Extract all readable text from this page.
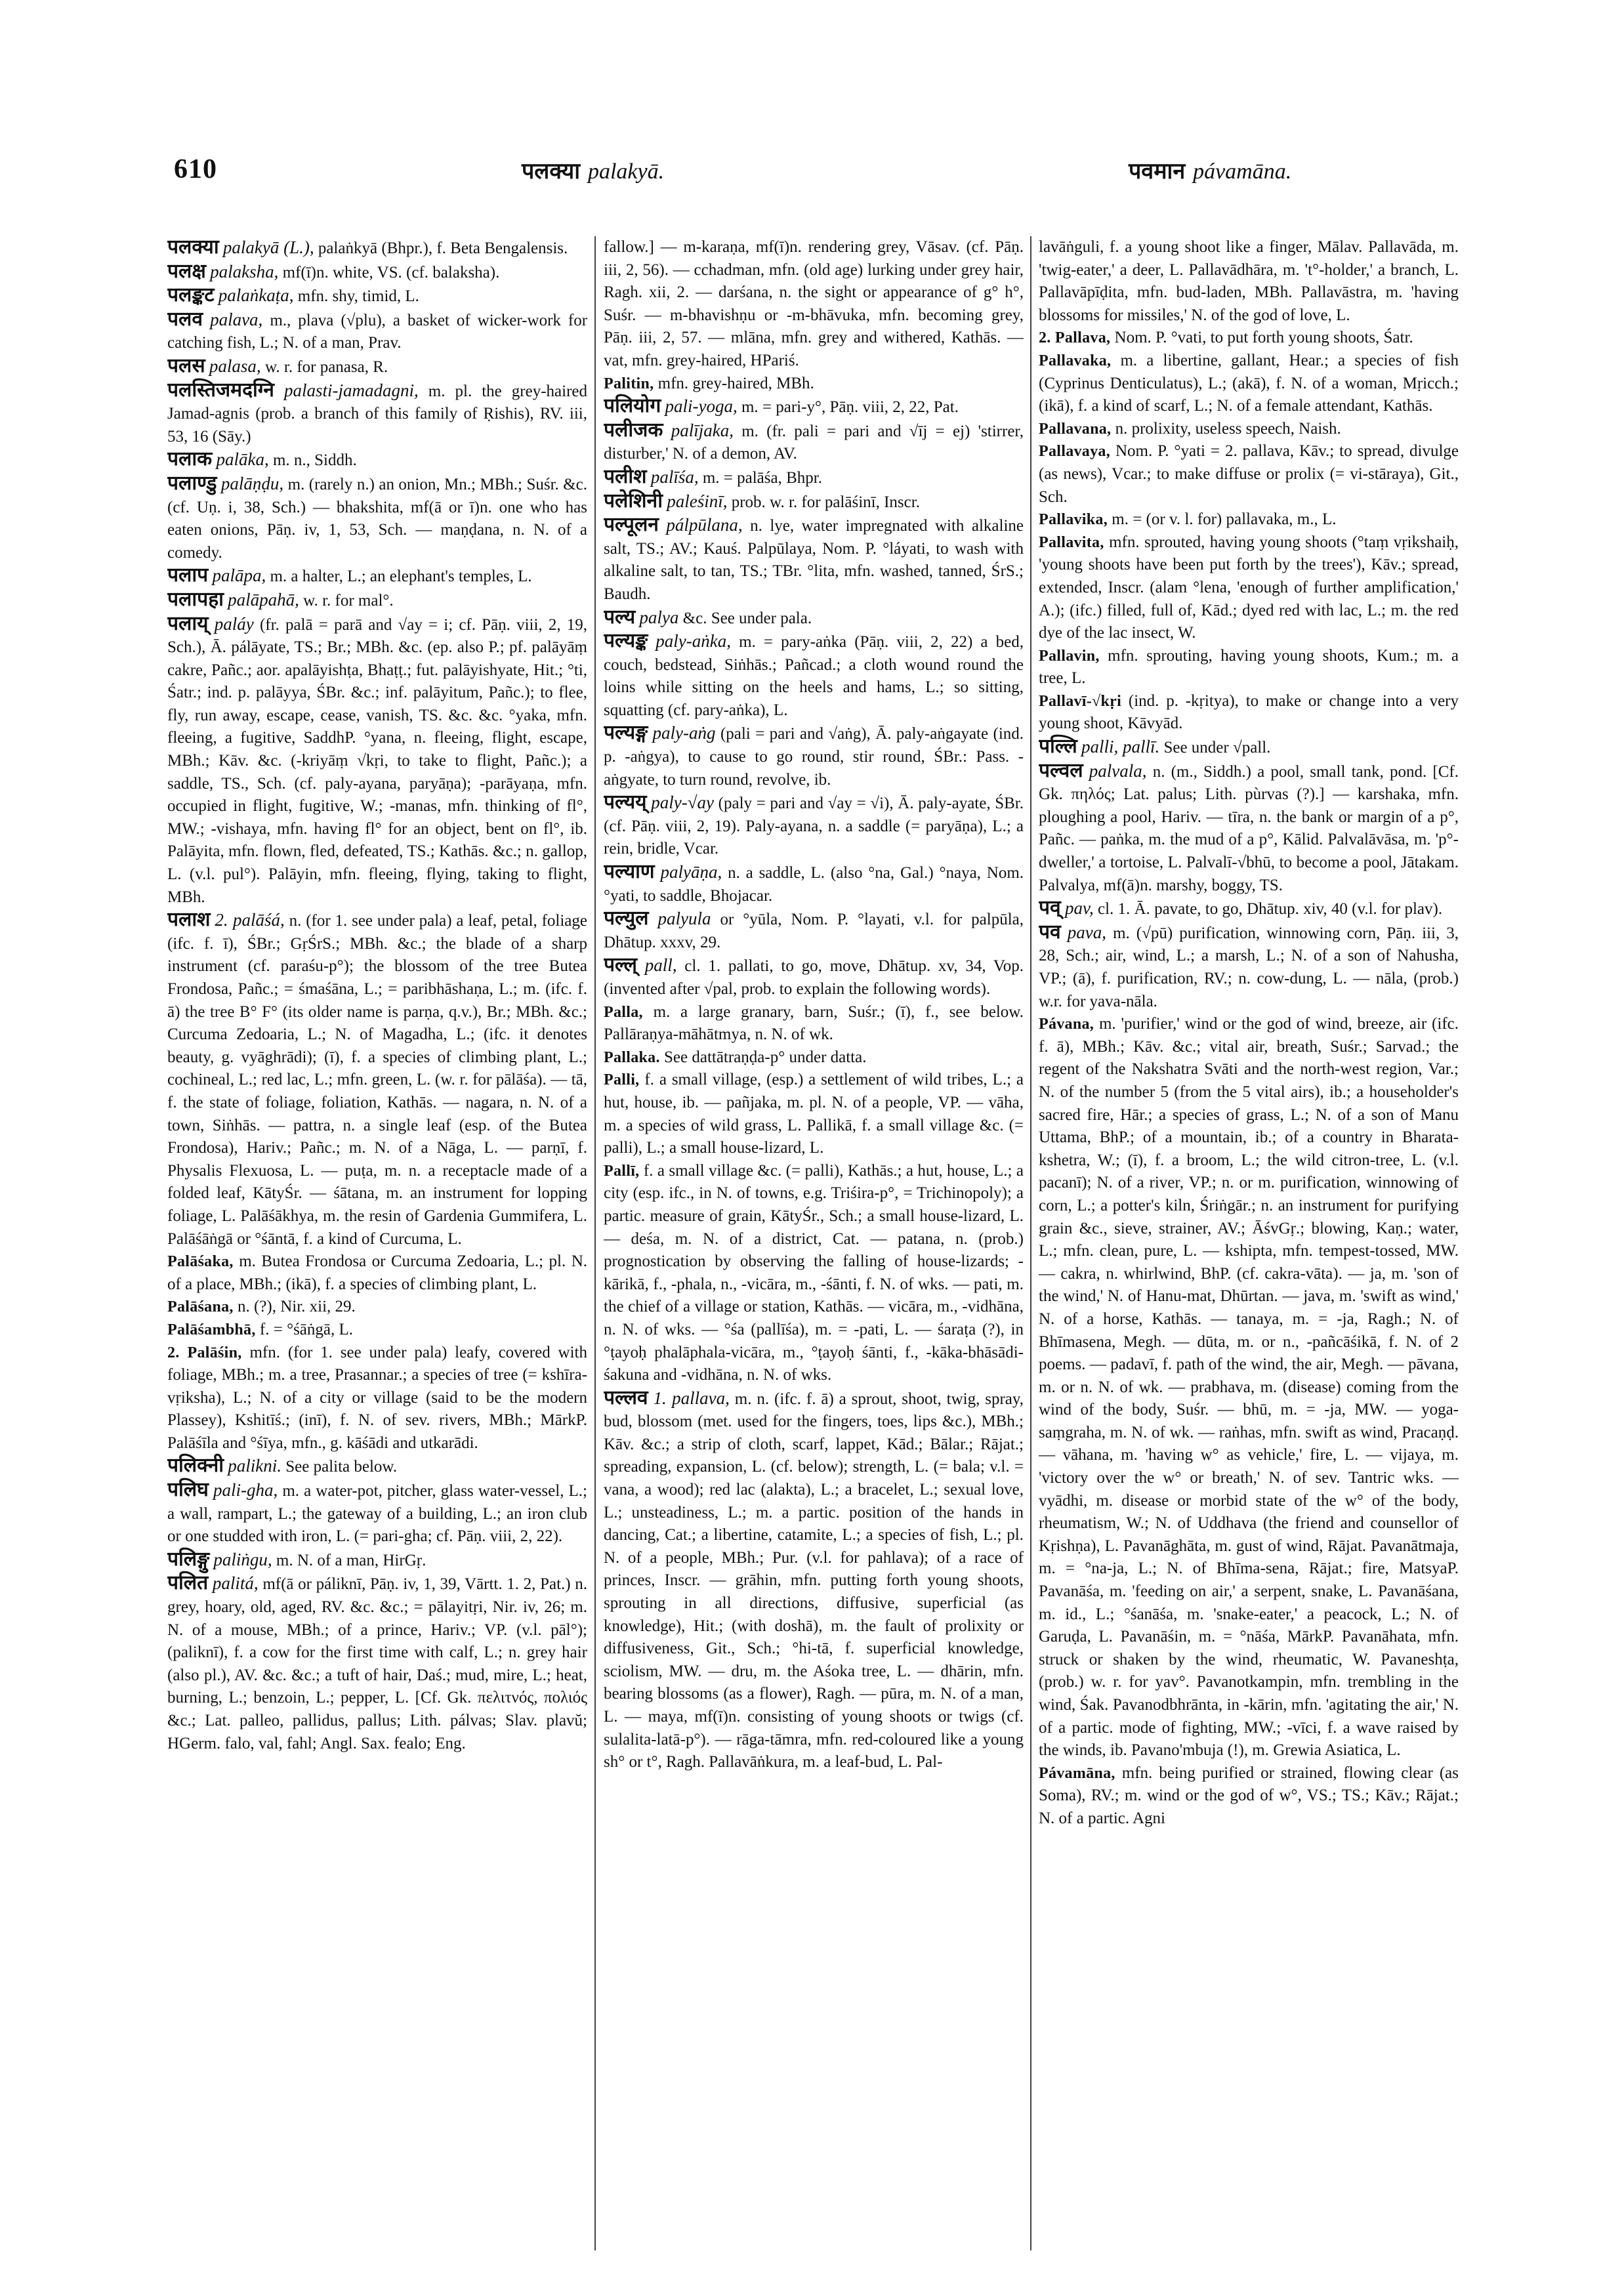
610	पलक्या palakyā.	पवमान pávamāna.

पलक्या palakyā (L.), palaṅkyā (Bhpr.), f. Beta Bengalensis.

पलक्ष palaksha, mf(ī)n. white, VS. (cf. balaksha).

पलङ्कट palaṅkaṭa, mfn. shy, timid, L.

पलव palava, m., plava (√plu), a basket of wicker-work for catching fish, L.; N. of a man, Prav.

पलस palasa, w. r. for panasa, R.

पलस्तिजमदग्नि palasti-jamadagni, m. pl. the grey-haired Jamad-agnis (prob. a branch of this family of Ṛishis), RV. iii, 53, 16 (Sāy.)

पलाक palāka, m. n., Siddh.

पलाण्डु palāṇḍu, m. (rarely n.) an onion, Mn.; MBh.; Suśr. &c. (cf. Uṇ. i, 38, Sch.) — bhakshita, mf(ā or ī)n. one who has eaten onions, Pāṇ. iv, 1, 53, Sch. — maṇḍana, n. N. of a comedy.

पलाप palāpa, m. a halter, L.; an elephant's temples, L.

पलापहा palāpahā, w. r. for mal°.

पलाय् paláy (fr. palā = parā and √ay = i; cf. Pāṇ. viii, 2, 19, Sch.), Ā. pálāyate, TS.; Br.; MBh. &c. (ep. also P.; pf. palāyāṃ cakre, Pañc.; aor. apalāyishṭa, Bhaṭṭ.; fut. palāyishyate, Hit.; °ti, Śatr.; ind. p. palāyya, ŚBr. &c.; inf. palāyitum, Pañc.); to flee, fly, run away, escape, cease, vanish, TS. &c. &c. °yaka, mfn. fleeing, a fugitive, SaddhP. °yana, n. fleeing, flight, escape, MBh.; Kāv. &c. (-kriyāṃ √kṛi, to take to flight, Pañc.); a saddle, TS., Sch. (cf. paly-ayana, paryāṇa); -parāyaṇa, mfn. occupied in flight, fugitive, W.; -manas, mfn. thinking of fl°, MW.; -vishaya, mfn. having fl° for an object, bent on fl°, ib. Palāyita, mfn. flown, fled, defeated, TS.; Kathās. &c.; n. gallop, L. (v.l. pul°). Palāyin, mfn. fleeing, flying, taking to flight, MBh.

पलाश 2. palāśá, n. (for 1. see under pala) a leaf, petal, foliage (ifc. f. ī), ŚBr.; GṛŚrS.; MBh. &c.; the blade of a sharp instrument (cf. paraśu-p°); the blossom of the tree Butea Frondosa, Pañc.; = śmaśāna, L.; = paribhāshaṇa, L.; m. (ifc. f. ā) the tree B° F° (its older name is parṇa, q.v.), Br.; MBh. &c.; Curcuma Zedoaria, L.; N. of Magadha, L.; (ifc. it denotes beauty, g. vyāghrādi); (ī), f. a species of climbing plant, L.; cochineal, L.; red lac, L.; mfn. green, L. (w. r. for pālāśa). — tā, f. the state of foliage, foliation, Kathās. — nagara, n. N. of a town, Siṅhās. — pattra, n. a single leaf (esp. of the Butea Frondosa), Hariv.; Pañc.; m. N. of a Nāga, L. — parṇī, f. Physalis Flexuosa, L. — puṭa, m. n. a receptacle made of a folded leaf, KātyŚr. — śātana, m. an instrument for lopping foliage, L. Palāśākhya, m. the resin of Gardenia Gummifera, L. Palāśāṅgā or °śāntā, f. a kind of Curcuma, L.

Palāśaka, m. Butea Frondosa or Curcuma Zedoaria, L.; pl. N. of a place, MBh.; (ikā), f. a species of climbing plant, L.

Palāśana, n. (?), Nir. xii, 29.

Palāśambhā, f. = °śāṅgā, L.

2. Palāśin, mfn. (for 1. see under pala) leafy, covered with foliage, MBh.; m. a tree, Prasannar.; a species of tree (= kshīra-vṛiksha), L.; N. of a city or village (said to be the modern Plassey), Kshitīś.; (inī), f. N. of sev. rivers, MBh.; MārkP. Palāśīla and °śīya, mfn., g. kāśādi and utkarādi.

पलिक्नी palikni. See palita below.

पलिघ pali-gha, m. a water-pot, pitcher, glass water-vessel, L.; a wall, rampart, L.; the gateway of a building, L.; an iron club or one studded with iron, L. (= pari-gha; cf. Pāṇ. viii, 2, 22).

पलिङ्गु paliṅgu, m. N. of a man, HirGṛ.

पलित palitá, mf(ā or páliknī, Pāṇ. iv, 1, 39, Vārtt. 1. 2, Pat.) n. grey, hoary, old, aged, RV. &c. &c.; = pālayitṛi, Nir. iv, 26; m. N. of a mouse, MBh.; of a prince, Hariv.; VP. (v.l. pāl°); (paliknī), f. a cow for the first time with calf, L.; n. grey hair (also pl.), AV. &c. &c.; a tuft of hair, Daś.; mud, mire, L.; heat, burning, L.; benzoin, L.; pepper, L. [Cf. Gk. πελιτνός, πολιός &c.; Lat. palleo, pallidus, pallus; Lith. pálvas; Slav. plavŭ; HGerm. falo, val, fahl; Angl. Sax. fealo; Eng.

fallow.] — m-karaṇa, mf(ī)n. rendering grey, Vāsav. (cf. Pāṇ. iii, 2, 56). — cchadman, mfn. (old age) lurking under grey hair, Ragh. xii, 2. — darśana, n. the sight or appearance of g° h°, Suśr. — m-bhavishṇu or -m-bhāvuka, mfn. becoming grey, Pāṇ. iii, 2, 57. — mlāna, mfn. grey and withered, Kathās. — vat, mfn. grey-haired, HPariś.

Palitin, mfn. grey-haired, MBh.

पलियोग pali-yoga, m. = pari-y°, Pāṇ. viii, 2, 22, Pat.

पलीजक palījaka, m. (fr. pali = pari and √īj = ej) 'stirrer, disturber,' N. of a demon, AV.

पलीश palīśa, m. = palāśa, Bhpr.

पलेशिनी paleśinī, prob. w. r. for palāśinī, Inscr.

पल्पूलन pálpūlana, n. lye, water impregnated with alkaline salt, TS.; AV.; Kauś. Palpūlaya, Nom. P. °láyati, to wash with alkaline salt, to tan, TS.; TBr. °lita, mfn. washed, tanned, ŚrS.; Baudh.

पल्य palya &c. See under pala.

पल्यङ्क paly-aṅka, m. = pary-aṅka (Pāṇ. viii, 2, 22) a bed, couch, bedstead, Siṅhās.; Pañcad.; a cloth wound round the loins while sitting on the heels and hams, L.; so sitting, squatting (cf. pary-aṅka), L.

पल्यङ्ग paly-aṅg (pali = pari and √aṅg), Ā. paly-aṅgayate (ind. p. -aṅgya), to cause to go round, stir round, ŚBr.: Pass. -aṅgyate, to turn round, revolve, ib.

पल्यय् paly-√ay (paly = pari and √ay = √i), Ā. paly-ayate, ŚBr. (cf. Pāṇ. viii, 2, 19). Paly-ayana, n. a saddle (= paryāṇa), L.; a rein, bridle, Vcar.

पल्याण palyāṇa, n. a saddle, L. (also °na, Gal.) °naya, Nom. °yati, to saddle, Bhojacar.

पल्युल palyula or °yūla, Nom. P. °layati, v.l. for palpūla, Dhātup. xxxv, 29.

पल्ल् pall, cl. 1. pallati, to go, move, Dhātup. xv, 34, Vop. (invented after √pal, prob. to explain the following words).

Palla, m. a large granary, barn, Suśr.; (ī), f., see below. Pallāraṇya-māhātmya, n. N. of wk.

Pallaka. See dattātraṇḍa-p° under datta.

Palli, f. a small village, (esp.) a settlement of wild tribes, L.; a hut, house, ib. — pañjaka, m. pl. N. of a people, VP. — vāha, m. a species of wild grass, L. Pallikā, f. a small village &c. (= palli), L.; a small house-lizard, L.

Pallī, f. a small village &c. (= palli), Kathās.; a hut, house, L.; a city (esp. ifc., in N. of towns, e.g. Triśira-p°, = Trichinopoly); a partic. measure of grain, KātyŚr., Sch.; a small house-lizard, L. — deśa, m. N. of a district, Cat. — patana, n. (prob.) prognostication by observing the falling of house-lizards; -kārikā, f., -phala, n., -vicāra, m., -śānti, f. N. of wks. — pati, m. the chief of a village or station, Kathās. — vicāra, m., -vidhāna, n. N. of wks. — °śa (pallīśa), m. = -pati, L. — śaraṭa (?), in °ṭayoḥ phalāphala-vicāra, m., °ṭayoḥ śānti, f., -kāka-bhāsādi-śakuna and -vidhāna, n. N. of wks.

पल्लव 1. pallava, m. n. (ifc. f. ā) a sprout, shoot, twig, spray, bud, blossom (met. used for the fingers, toes, lips &c.), MBh.; Kāv. &c.; a strip of cloth, scarf, lappet, Kād.; Bālar.; Rājat.; spreading, expansion, L. (cf. below); strength, L. (= bala; v.l. = vana, a wood); red lac (alakta), L.; a bracelet, L.; sexual love, L.; unsteadiness, L.; m. a partic. position of the hands in dancing, Cat.; a libertine, catamite, L.; a species of fish, L.; pl. N. of a people, MBh.; Pur. (v.l. for pahlava); of a race of princes, Inscr. — grāhin, mfn. putting forth young shoots, sprouting in all directions, diffusive, superficial (as knowledge), Hit.; (with doshā), m. the fault of prolixity or diffusiveness, Git., Sch.; °hi-tā, f. superficial knowledge, sciolism, MW. — dru, m. the Aśoka tree, L. — dhārin, mfn. bearing blossoms (as a flower), Ragh. — pūra, m. N. of a man, L. — maya, mf(ī)n. consisting of young shoots or twigs (cf. sulalita-latā-p°). — rāga-tāmra, mfn. red-coloured like a young sh° or t°, Ragh. Pallavāṅkura, m. a leaf-bud, L. Pal-

lavāṅguli, f. a young shoot like a finger, Mālav. Pallavāda, m. 'twig-eater,' a deer, L. Pallavādhāra, m. 't°-holder,' a branch, L. Pallavāpīḍita, mfn. bud-laden, MBh. Pallavāstra, m. 'having blossoms for missiles,' N. of the god of love, L.

2. Pallava, Nom. P. °vati, to put forth young shoots, Śatr.

Pallavaka, m. a libertine, gallant, Hear.; a species of fish (Cyprinus Denticulatus), L.; (akā), f. N. of a woman, Mṛicch.; (ikā), f. a kind of scarf, L.; N. of a female attendant, Kathās.

Pallavana, n. prolixity, useless speech, Naish.

Pallavaya, Nom. P. °yati = 2. pallava, Kāv.; to spread, divulge (as news), Vcar.; to make diffuse or prolix (= vi-stāraya), Git., Sch.

Pallavika, m. = (or v. l. for) pallavaka, m., L.

Pallavita, mfn. sprouted, having young shoots (°taṃ vṛikshaiḥ, 'young shoots have been put forth by the trees'), Kāv.; spread, extended, Inscr. (alam °lena, 'enough of further amplification,' A.); (ifc.) filled, full of, Kād.; dyed red with lac, L.; m. the red dye of the lac insect, W.

Pallavin, mfn. sprouting, having young shoots, Kum.; m. a tree, L.

Pallavī-√kṛi (ind. p. -kṛitya), to make or change into a very young shoot, Kāvyād.

पल्लि palli, pallī. See under √pall.

पल्वल palvala, n. (m., Siddh.) a pool, small tank, pond. [Cf. Gk. πηλός; Lat. palus; Lith. pùrvas (?).] — karshaka, mfn. ploughing a pool, Hariv. — tīra, n. the bank or margin of a p°, Pañc. — paṅka, m. the mud of a p°, Kālid. Palvalāvāsa, m. 'p°-dweller,' a tortoise, L. Palvalī-√bhū, to become a pool, Jātakam. Palvalya, mf(ā)n. marshy, boggy, TS.

पव् pav, cl. 1. Ā. pavate, to go, Dhātup. xiv, 40 (v.l. for plav).

पव pava, m. (√pū) purification, winnowing corn, Pāṇ. iii, 3, 28, Sch.; air, wind, L.; a marsh, L.; N. of a son of Nahusha, VP.; (ā), f. purification, RV.; n. cow-dung, L. — nāla, (prob.) w.r. for yava-nāla.

Pávana, m. 'purifier,' wind or the god of wind, breeze, air (ifc. f. ā), MBh.; Kāv. &c.; vital air, breath, Suśr.; Sarvad.; the regent of the Nakshatra Svāti and the north-west region, Var.; N. of the number 5 (from the 5 vital airs), ib.; a householder's sacred fire, Hār.; a species of grass, L.; N. of a son of Manu Uttama, BhP.; of a mountain, ib.; of a country in Bharata-kshetra, W.; (ī), f. a broom, L.; the wild citron-tree, L. (v.l. pacanī); N. of a river, VP.; n. or m. purification, winnowing of corn, L.; a potter's kiln, Śriṅgār.; n. an instrument for purifying grain &c., sieve, strainer, AV.; ĀśvGṛ.; blowing, Kaṇ.; water, L.; mfn. clean, pure, L. — kshipta, mfn. tempest-tossed, MW. — cakra, n. whirlwind, BhP. (cf. cakra-vāta). — ja, m. 'son of the wind,' N. of Hanu-mat, Dhūrtan. — java, m. 'swift as wind,' N. of a horse, Kathās. — tanaya, m. = -ja, Ragh.; N. of Bhīmasena, Megh. — dūta, m. or n., -pañcāśikā, f. N. of 2 poems. — padavī, f. path of the wind, the air, Megh. — pāvana, m. or n. N. of wk. — prabhava, m. (disease) coming from the wind of the body, Suśr. — bhū, m. = -ja, MW. — yoga-saṃgraha, m. N. of wk. — raṅhas, mfn. swift as wind, Pracaṇḍ. — vāhana, m. 'having w° as vehicle,' fire, L. — vijaya, m. 'victory over the w° or breath,' N. of sev. Tantric wks. — vyādhi, m. disease or morbid state of the w° of the body, rheumatism, W.; N. of Uddhava (the friend and counsellor of Kṛishṇa), L. Pavanāghāta, m. gust of wind, Rājat. Pavanātmaja, m. = °na-ja, L.; N. of Bhīma-sena, Rājat.; fire, MatsyaP. Pavanāśa, m. 'feeding on air,' a serpent, snake, L. Pavanāśana, m. id., L.; °śanāśa, m. 'snake-eater,' a peacock, L.; N. of Garuḍa, L. Pavanāśin, m. = °nāśa, MārkP. Pavanāhata, mfn. struck or shaken by the wind, rheumatic, W. Pavaneshṭa, (prob.) w. r. for yav°. Pavanotkampin, mfn. trembling in the wind, Śak. Pavanodbhrānta, in -kārin, mfn. 'agitating the air,' N. of a partic. mode of fighting, MW.; -vīci, f. a wave raised by the winds, ib. Pavano'mbuja (!), m. Grewia Asiatica, L.

Pávamāna, mfn. being purified or strained, flowing clear (as Soma), RV.; m. wind or the god of w°, VS.; TS.; Kāv.; Rājat.; N. of a partic. Agni
